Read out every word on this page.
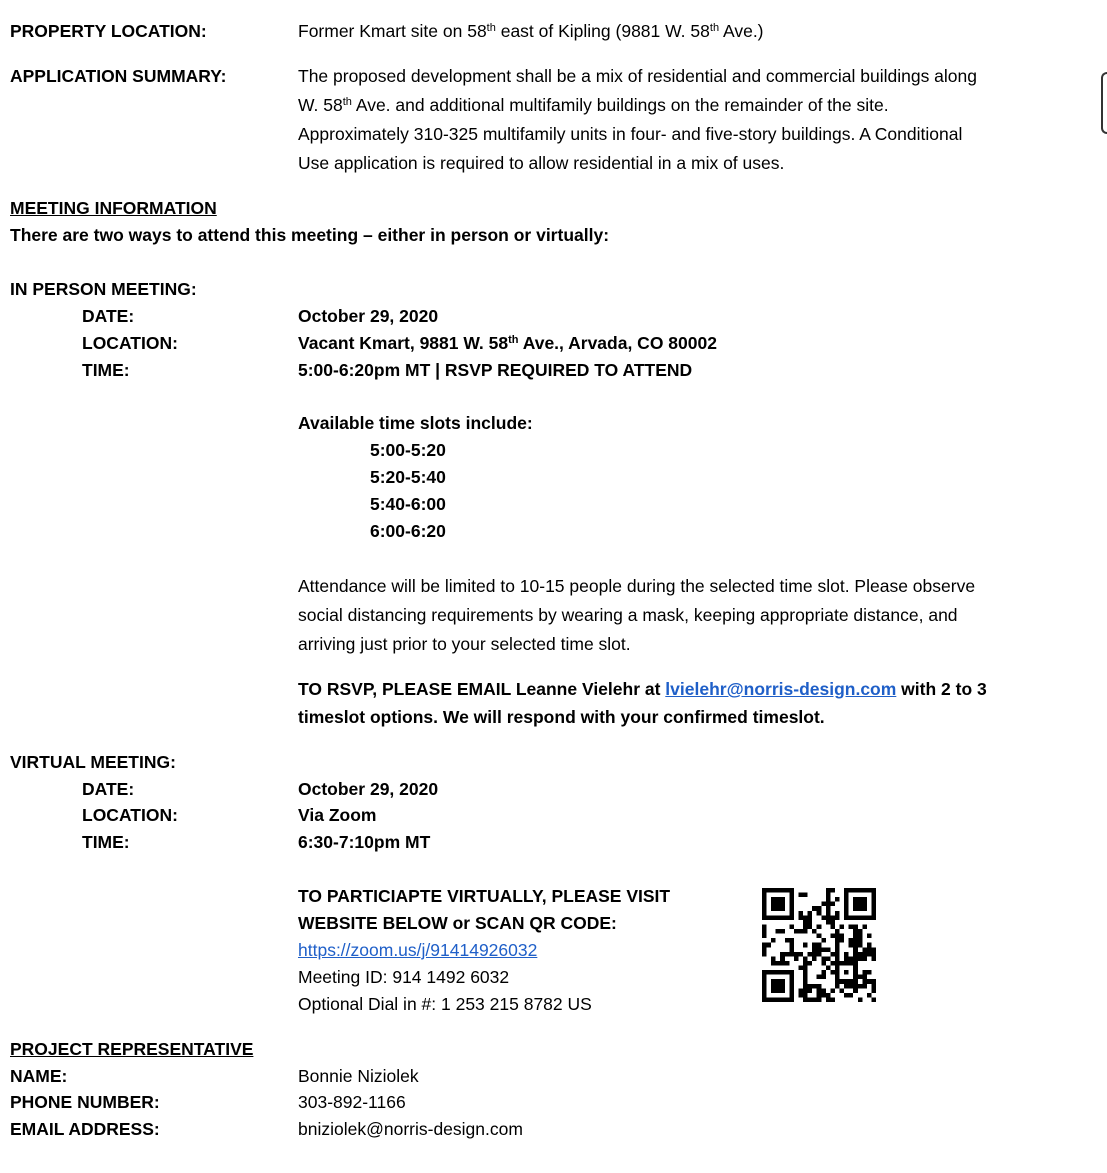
PROPERTY LOCATION:	Former Kmart site on 58th east of Kipling (9881 W. 58th Ave.)
APPLICATION SUMMARY:	The proposed development shall be a mix of residential and commercial buildings along
W. 58th Ave. and additional multifamily buildings on the remainder of the site.
Approximately 310-325 multifamily units in four- and five-story buildings. A Conditional
Use application is required to allow residential in a mix of uses.
MEETING INFORMATION
There are two ways to attend this meeting – either in person or virtually:
IN PERSON MEETING:
DATE:	October 29, 2020
LOCATION:	Vacant Kmart, 9881 W. 58th Ave., Arvada, CO 80002
TIME:	5:00-6:20pm MT | RSVP REQUIRED TO ATTEND
Available time slots include:
5:00-5:20
5:20-5:40
5:40-6:00
6:00-6:20
Attendance will be limited to 10-15 people during the selected time slot. Please observe
social distancing requirements by wearing a mask, keeping appropriate distance, and
arriving just prior to your selected time slot.
TO RSVP, PLEASE EMAIL Leanne Vielehr at lvielehr@norris-design.com with 2 to 3
timeslot options. We will respond with your confirmed timeslot.
VIRTUAL MEETING:
DATE:	October 29, 2020
LOCATION:	Via Zoom
TIME:	6:30-7:10pm MT
TO PARTICIAPTE VIRTUALLY, PLEASE VISIT
WEBSITE BELOW or SCAN QR CODE:
https://zoom.us/j/91414926032
Meeting ID: 914 1492 6032
Optional Dial in #: 1 253 215 8782 US
PROJECT REPRESENTATIVE
NAME:	Bonnie Niziolek
PHONE NUMBER:	303-892-1166
EMAIL ADDRESS:	bniziolek@norris-design.com
